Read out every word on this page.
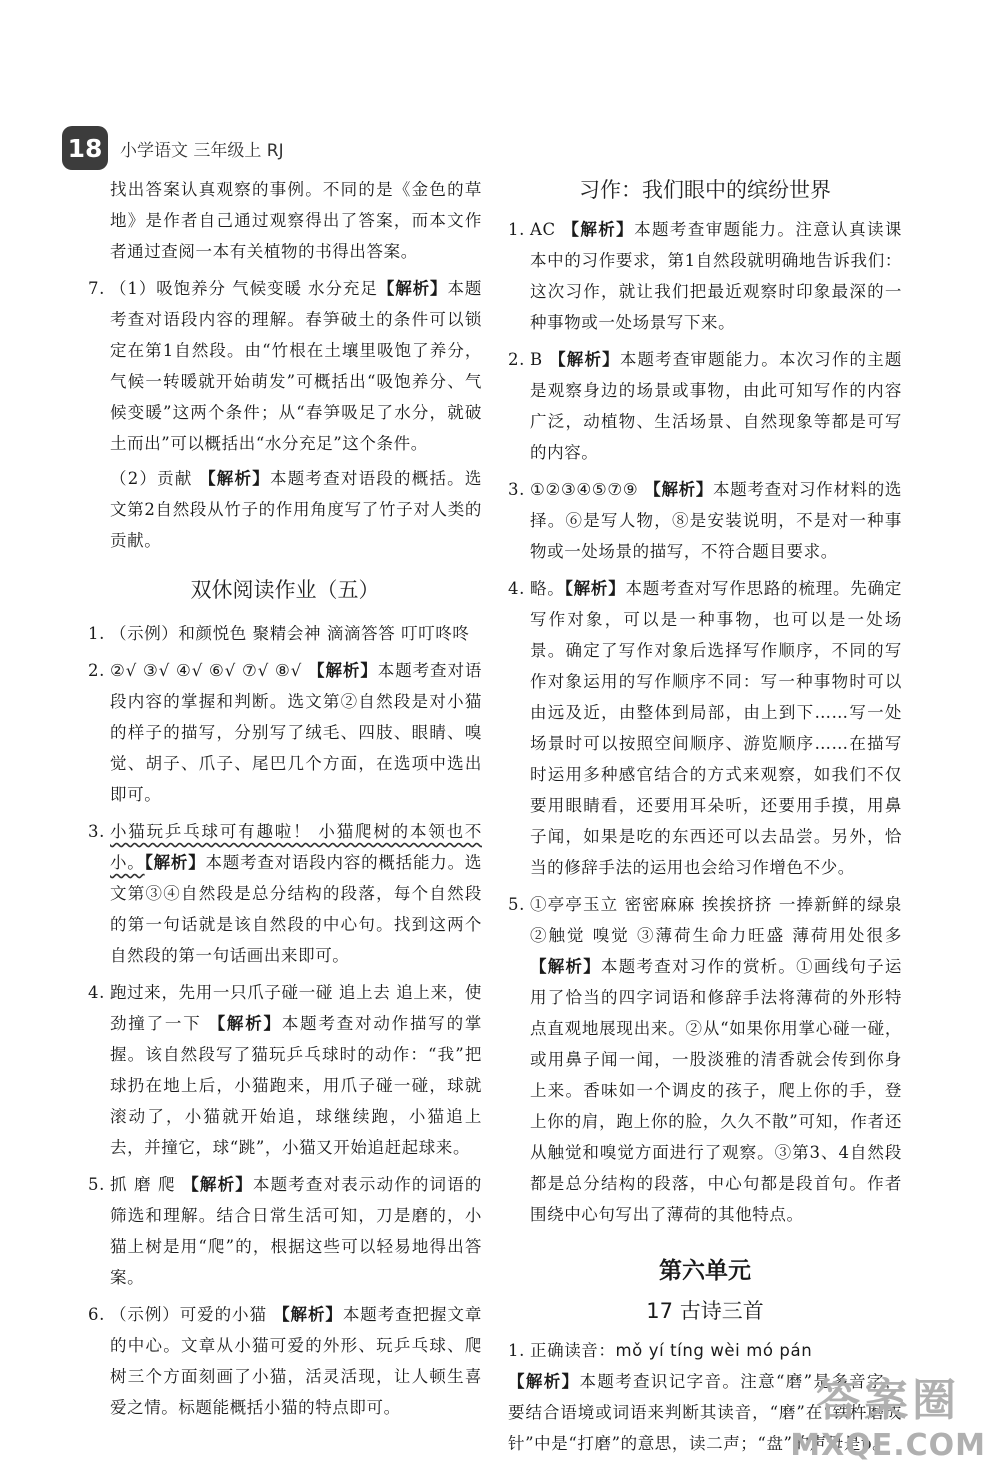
18	小学语文 三年级上 RJ
找出答案认真观察的事例。不同的是《金色的草地》是作者自己通过观察得出了答案，而本文作者通过查阅一本有关植物的书得出答案。
7. （1）吸饱养分 气候变暖 水分充足【解析】本题考查对语段内容的理解。春笋破土的条件可以锁定在第1自然段。由“竹根在土壤里吸饱了养分，气候一转暖就开始萌发”可概括出“吸饱养分、气候变暖”这两个条件；从“春笋吸足了水分，就破土而出”可以概括出“水分充足”这个条件。
（2）贡献 【解析】本题考查对语段的概括。选文第2自然段从竹子的作用角度写了竹子对人类的贡献。
双休阅读作业（五）
1. （示例）和颜悦色 聚精会神 滴滴答答 叮叮咚咚
2. ②√ ③√ ④√ ⑥√ ⑦√ ⑧√ 【解析】本题考查对语段内容的掌握和判断。选文第②自然段是对小猫的样子的描写，分别写了绒毛、四肢、眼睛、嗅觉、胡子、爪子、尾巴几个方面，在选项中选出即可。
3. 小猫玩乒乓球可有趣啦！ 小猫爬树的本领也不小。【解析】本题考查对语段内容的概括能力。选文第③④自然段是总分结构的段落，每个自然段的第一句话就是该自然段的中心句。找到这两个自然段的第一句话画出来即可。
4. 跑过来，先用一只爪子碰一碰 追上去 追上来，使劲撞了一下 【解析】本题考查对动作描写的掌握。该自然段写了猫玩乒乓球时的动作：“我”把球扔在地上后，小猫跑来，用爪子碰一碰，球就滚动了，小猫就开始追，球继续跑，小猫追上去，并撞它，球“跳”，小猫又开始追赶起球来。
5. 抓 磨 爬 【解析】本题考查对表示动作的词语的筛选和理解。结合日常生活可知，刀是磨的，小猫上树是用“爬”的，根据这些可以轻易地得出答案。
6. （示例）可爱的小猫 【解析】本题考查把握文章的中心。文章从小猫可爱的外形、玩乒乓球、爬树三个方面刻画了小猫，活灵活现，让人顿生喜爱之情。标题能概括小猫的特点即可。
习作：我们眼中的缤纷世界
1. AC 【解析】本题考查审题能力。注意认真读课本中的习作要求，第1自然段就明确地告诉我们：这次习作，就让我们把最近观察时印象最深的一种事物或一处场景写下来。
2. B 【解析】本题考查审题能力。本次习作的主题是观察身边的场景或事物，由此可知写作的内容广泛，动植物、生活场景、自然现象等都是可写的内容。
3. ①②③④⑤⑦⑨ 【解析】本题考查对习作材料的选择。⑥是写人物，⑧是安装说明，不是对一种事物或一处场景的描写，不符合题目要求。
4. 略。【解析】本题考查对写作思路的梳理。先确定写作对象，可以是一种事物，也可以是一处场景。确定了写作对象后选择写作顺序，不同的写作对象运用的写作顺序不同：写一种事物时可以由远及近，由整体到局部，由上到下……写一处场景时可以按照空间顺序、游览顺序……在描写时运用多种感官结合的方式来观察，如我们不仅要用眼睛看，还要用耳朵听，还要用手摸，用鼻子闻，如果是吃的东西还可以去品尝。另外，恰当的修辞手法的运用也会给习作增色不少。
5. ①亭亭玉立 密密麻麻 挨挨挤挤 一捧新鲜的绿泉 ②触觉 嗅觉 ③薄荷生命力旺盛 薄荷用处很多 【解析】本题考查对习作的赏析。①画线句子运用了恰当的四字词语和修辞手法将薄荷的外形特点直观地展现出来。②从“如果你用掌心碰一碰，或用鼻子闻一闻，一股淡雅的清香就会传到你身上来。香味如一个调皮的孩子，爬上你的手，登上你的肩，跑上你的脸，久久不散”可知，作者还从触觉和嗅觉方面进行了观察。③第3、4自然段都是总分结构的段落，中心句都是段首句。作者围绕中心句写出了薄荷的其他特点。
第六单元
17 古诗三首
1. 正确读音：mǒ yí tíng wèi mó pán

【解析】本题考查识记字音。注意“磨”是多音字，要结合语境或词语来判断其读音，“磨”在“铁杵磨成针”中是“打磨”的意思，读二声；“盘”的声母是p。
答案圈
MXQE.COM
